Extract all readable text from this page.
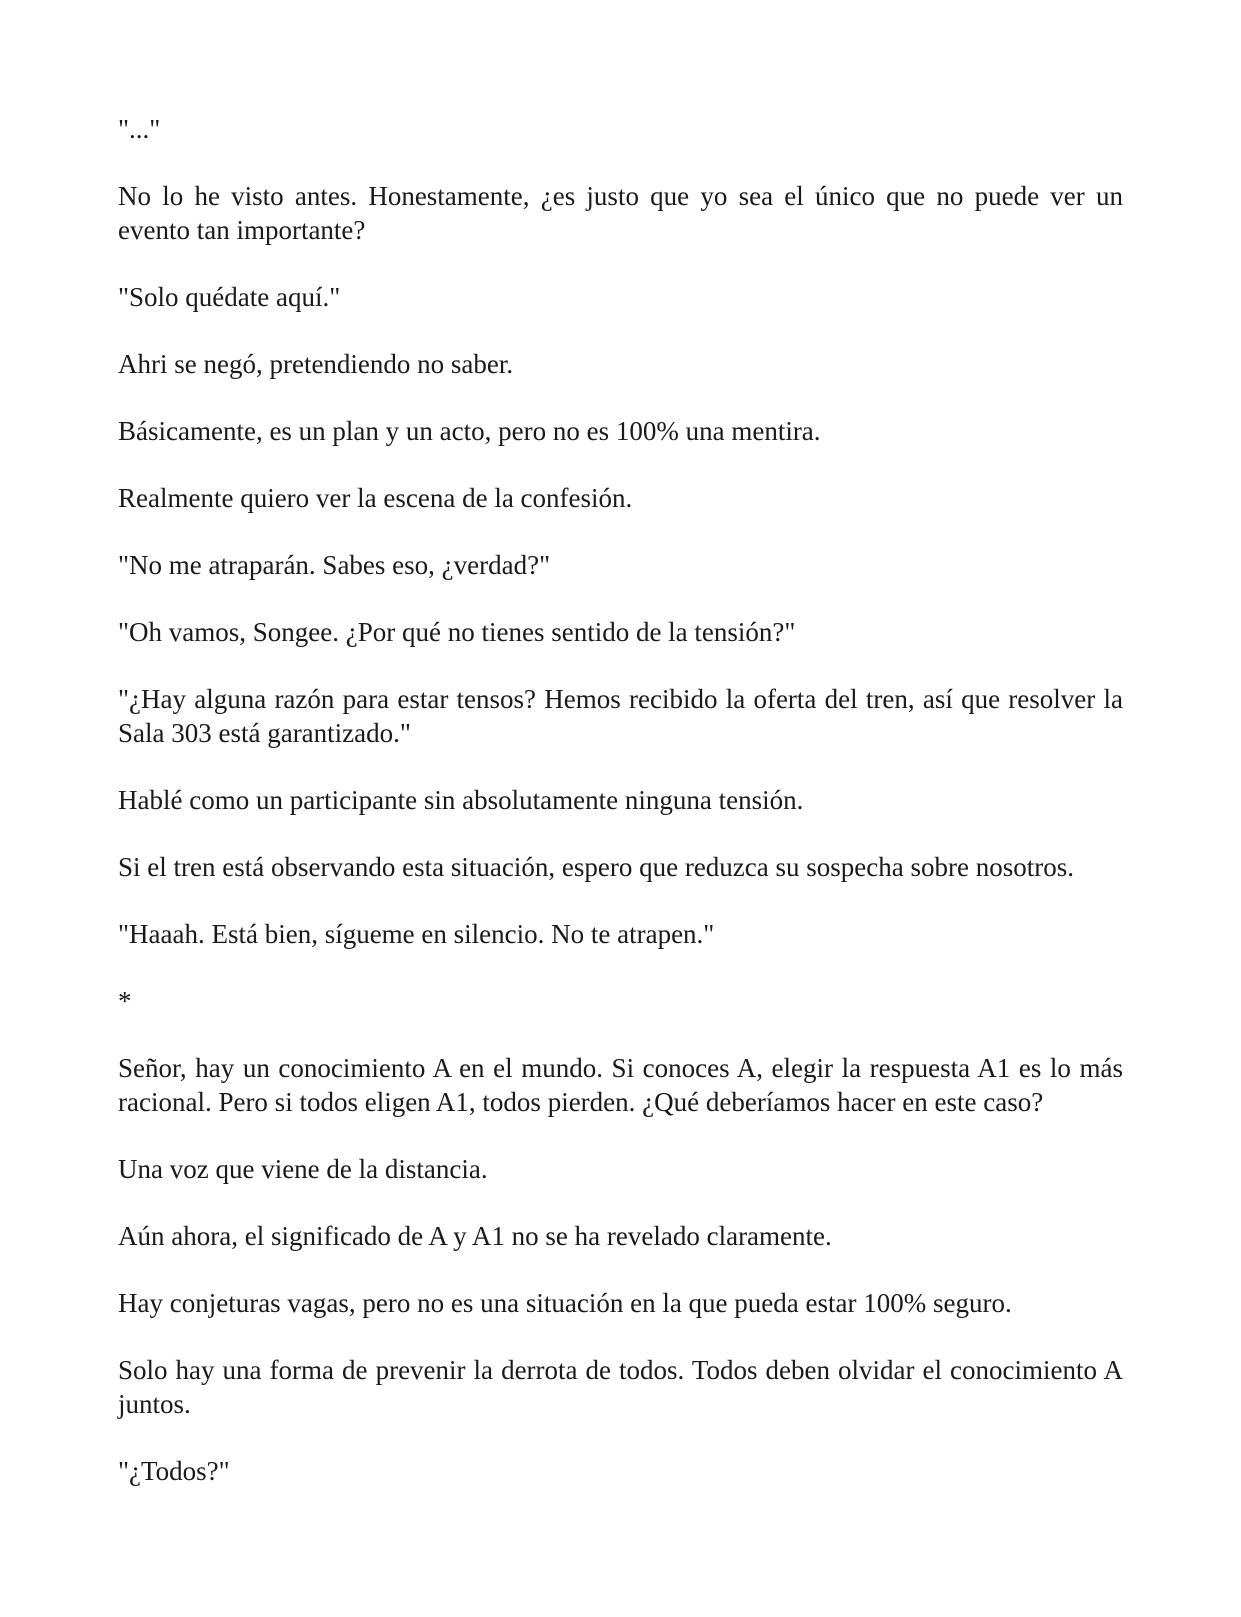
"..."

No lo he visto antes. Honestamente, ¿es justo que yo sea el único que no puede ver un evento tan importante?

"Solo quédate aquí."

Ahri se negó, pretendiendo no saber.

Básicamente, es un plan y un acto, pero no es 100% una mentira.

Realmente quiero ver la escena de la confesión.

"No me atraparán. Sabes eso, ¿verdad?"

"Oh vamos, Songee. ¿Por qué no tienes sentido de la tensión?"

"¿Hay alguna razón para estar tensos? Hemos recibido la oferta del tren, así que resolver la Sala 303 está garantizado."

Hablé como un participante sin absolutamente ninguna tensión.

Si el tren está observando esta situación, espero que reduzca su sospecha sobre nosotros.

"Haaah. Está bien, sígueme en silencio. No te atrapen."

*

Señor, hay un conocimiento A en el mundo. Si conoces A, elegir la respuesta A1 es lo más racional. Pero si todos eligen A1, todos pierden. ¿Qué deberíamos hacer en este caso?

Una voz que viene de la distancia.

Aún ahora, el significado de A y A1 no se ha revelado claramente.

Hay conjeturas vagas, pero no es una situación en la que pueda estar 100% seguro.

Solo hay una forma de prevenir la derrota de todos. Todos deben olvidar el conocimiento A juntos.

"¿Todos?"
